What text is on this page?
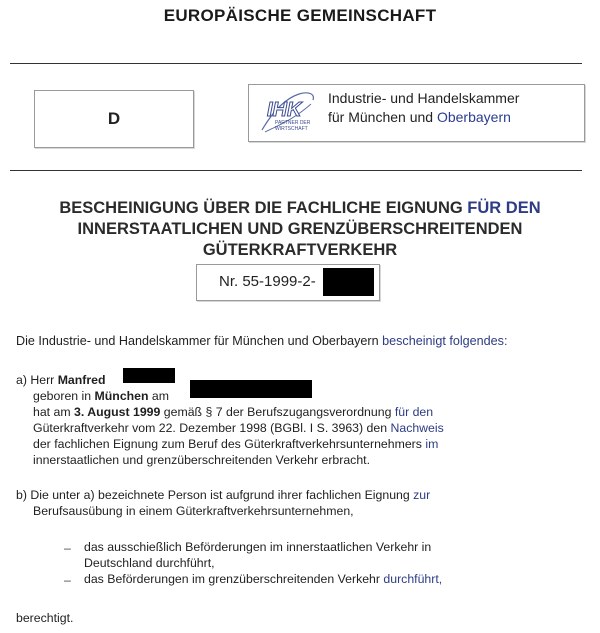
EUROPÄISCHE GEMEINSCHAFT
D	IHK
PARTNER DER
WIRTSCHAFT
Industrie- und Handelskammer
für München und Oberbayern
BESCHEINIGUNG ÜBER DIE FACHLICHE EIGNUNG FÜR DEN
INNERSTAATLICHEN UND GRENZÜBERSCHREITENDEN
GÜTERKRAFTVERKEHR
Nr. 55-1999-2-
Die Industrie- und Handelskammer für München und Oberbayern bescheinigt folgendes:
a) Herr Manfred
geboren in München am
hat am 3. August 1999 gemäß § 7 der Berufszugangsverordnung für den
Güterkraftverkehr vom 22. Dezember 1998 (BGBl. I S. 3963) den Nachweis
der fachlichen Eignung zum Beruf des Güterkraftverkehrsunternehmers im
innerstaatlichen und grenzüberschreitenden Verkehr erbracht.
b) Die unter a) bezeichnete Person ist aufgrund ihrer fachlichen Eignung zur
Berufsausübung in einem Güterkraftverkehrsunternehmen,
– das ausschießlich Beförderungen im innerstaatlichen Verkehr in
Deutschland durchführt,
– das Beförderungen im grenzüberschreitenden Verkehr durchführt,
berechtigt.
